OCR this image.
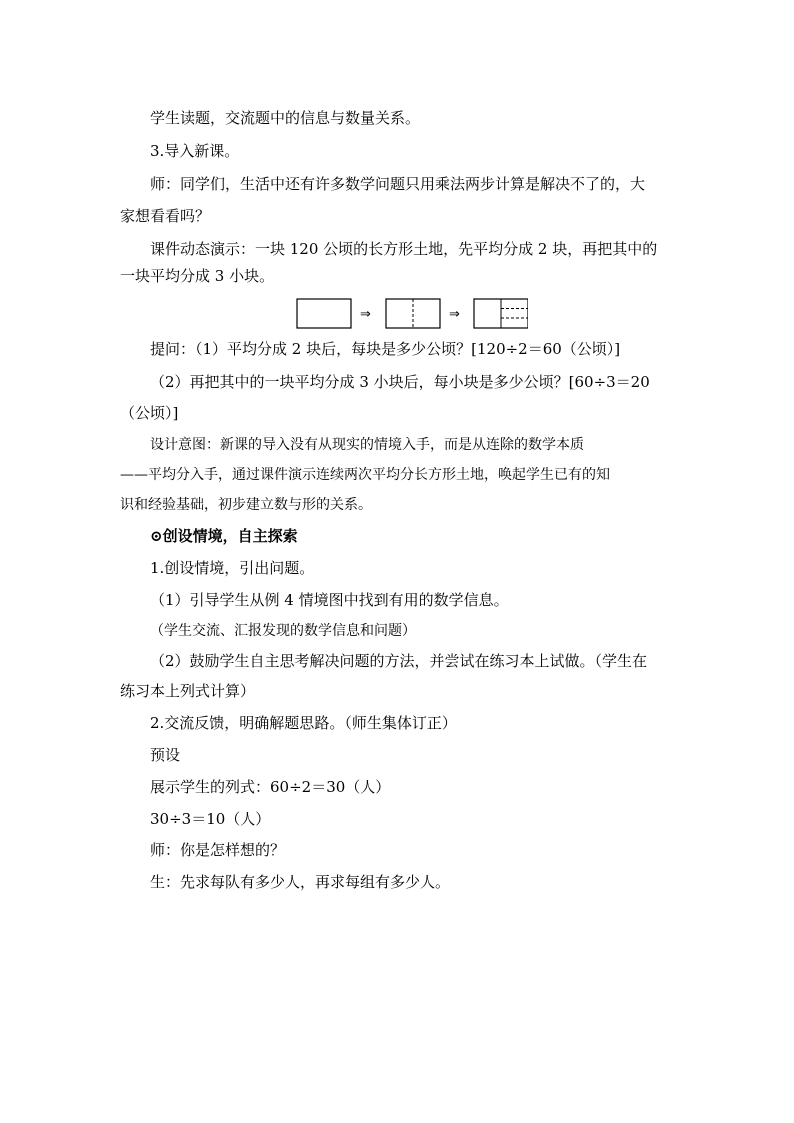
学生读题，交流题中的信息与数量关系。
3.导入新课。
师：同学们，生活中还有许多数学问题只用乘法两步计算是解决不了的，大
家想看看吗？
课件动态演示：一块 120 公顷的长方形土地，先平均分成 2 块，再把其中的
一块平均分成 3 小块。
⇒	⇒
提问：（1）平均分成 2 块后，每块是多少公顷？[120÷2＝60（公顷）]
（2）再把其中的一块平均分成 3 小块后，每小块是多少公顷？[60÷3＝20
（公顷）]
设计意图：新课的导入没有从现实的情境入手，而是从连除的数学本质
——平均分入手，通过课件演示连续两次平均分长方形土地，唤起学生已有的知
识和经验基础，初步建立数与形的关系。
⊙创设情境，自主探索
1.创设情境，引出问题。
（1）引导学生从例 4 情境图中找到有用的数学信息。
（学生交流、汇报发现的数学信息和问题）
（2）鼓励学生自主思考解决问题的方法，并尝试在练习本上试做。（学生在
练习本上列式计算）
2.交流反馈，明确解题思路。（师生集体订正）
预设
展示学生的列式：60÷2＝30（人）
30÷3＝10（人）
师：你是怎样想的？
生：先求每队有多少人，再求每组有多少人。
